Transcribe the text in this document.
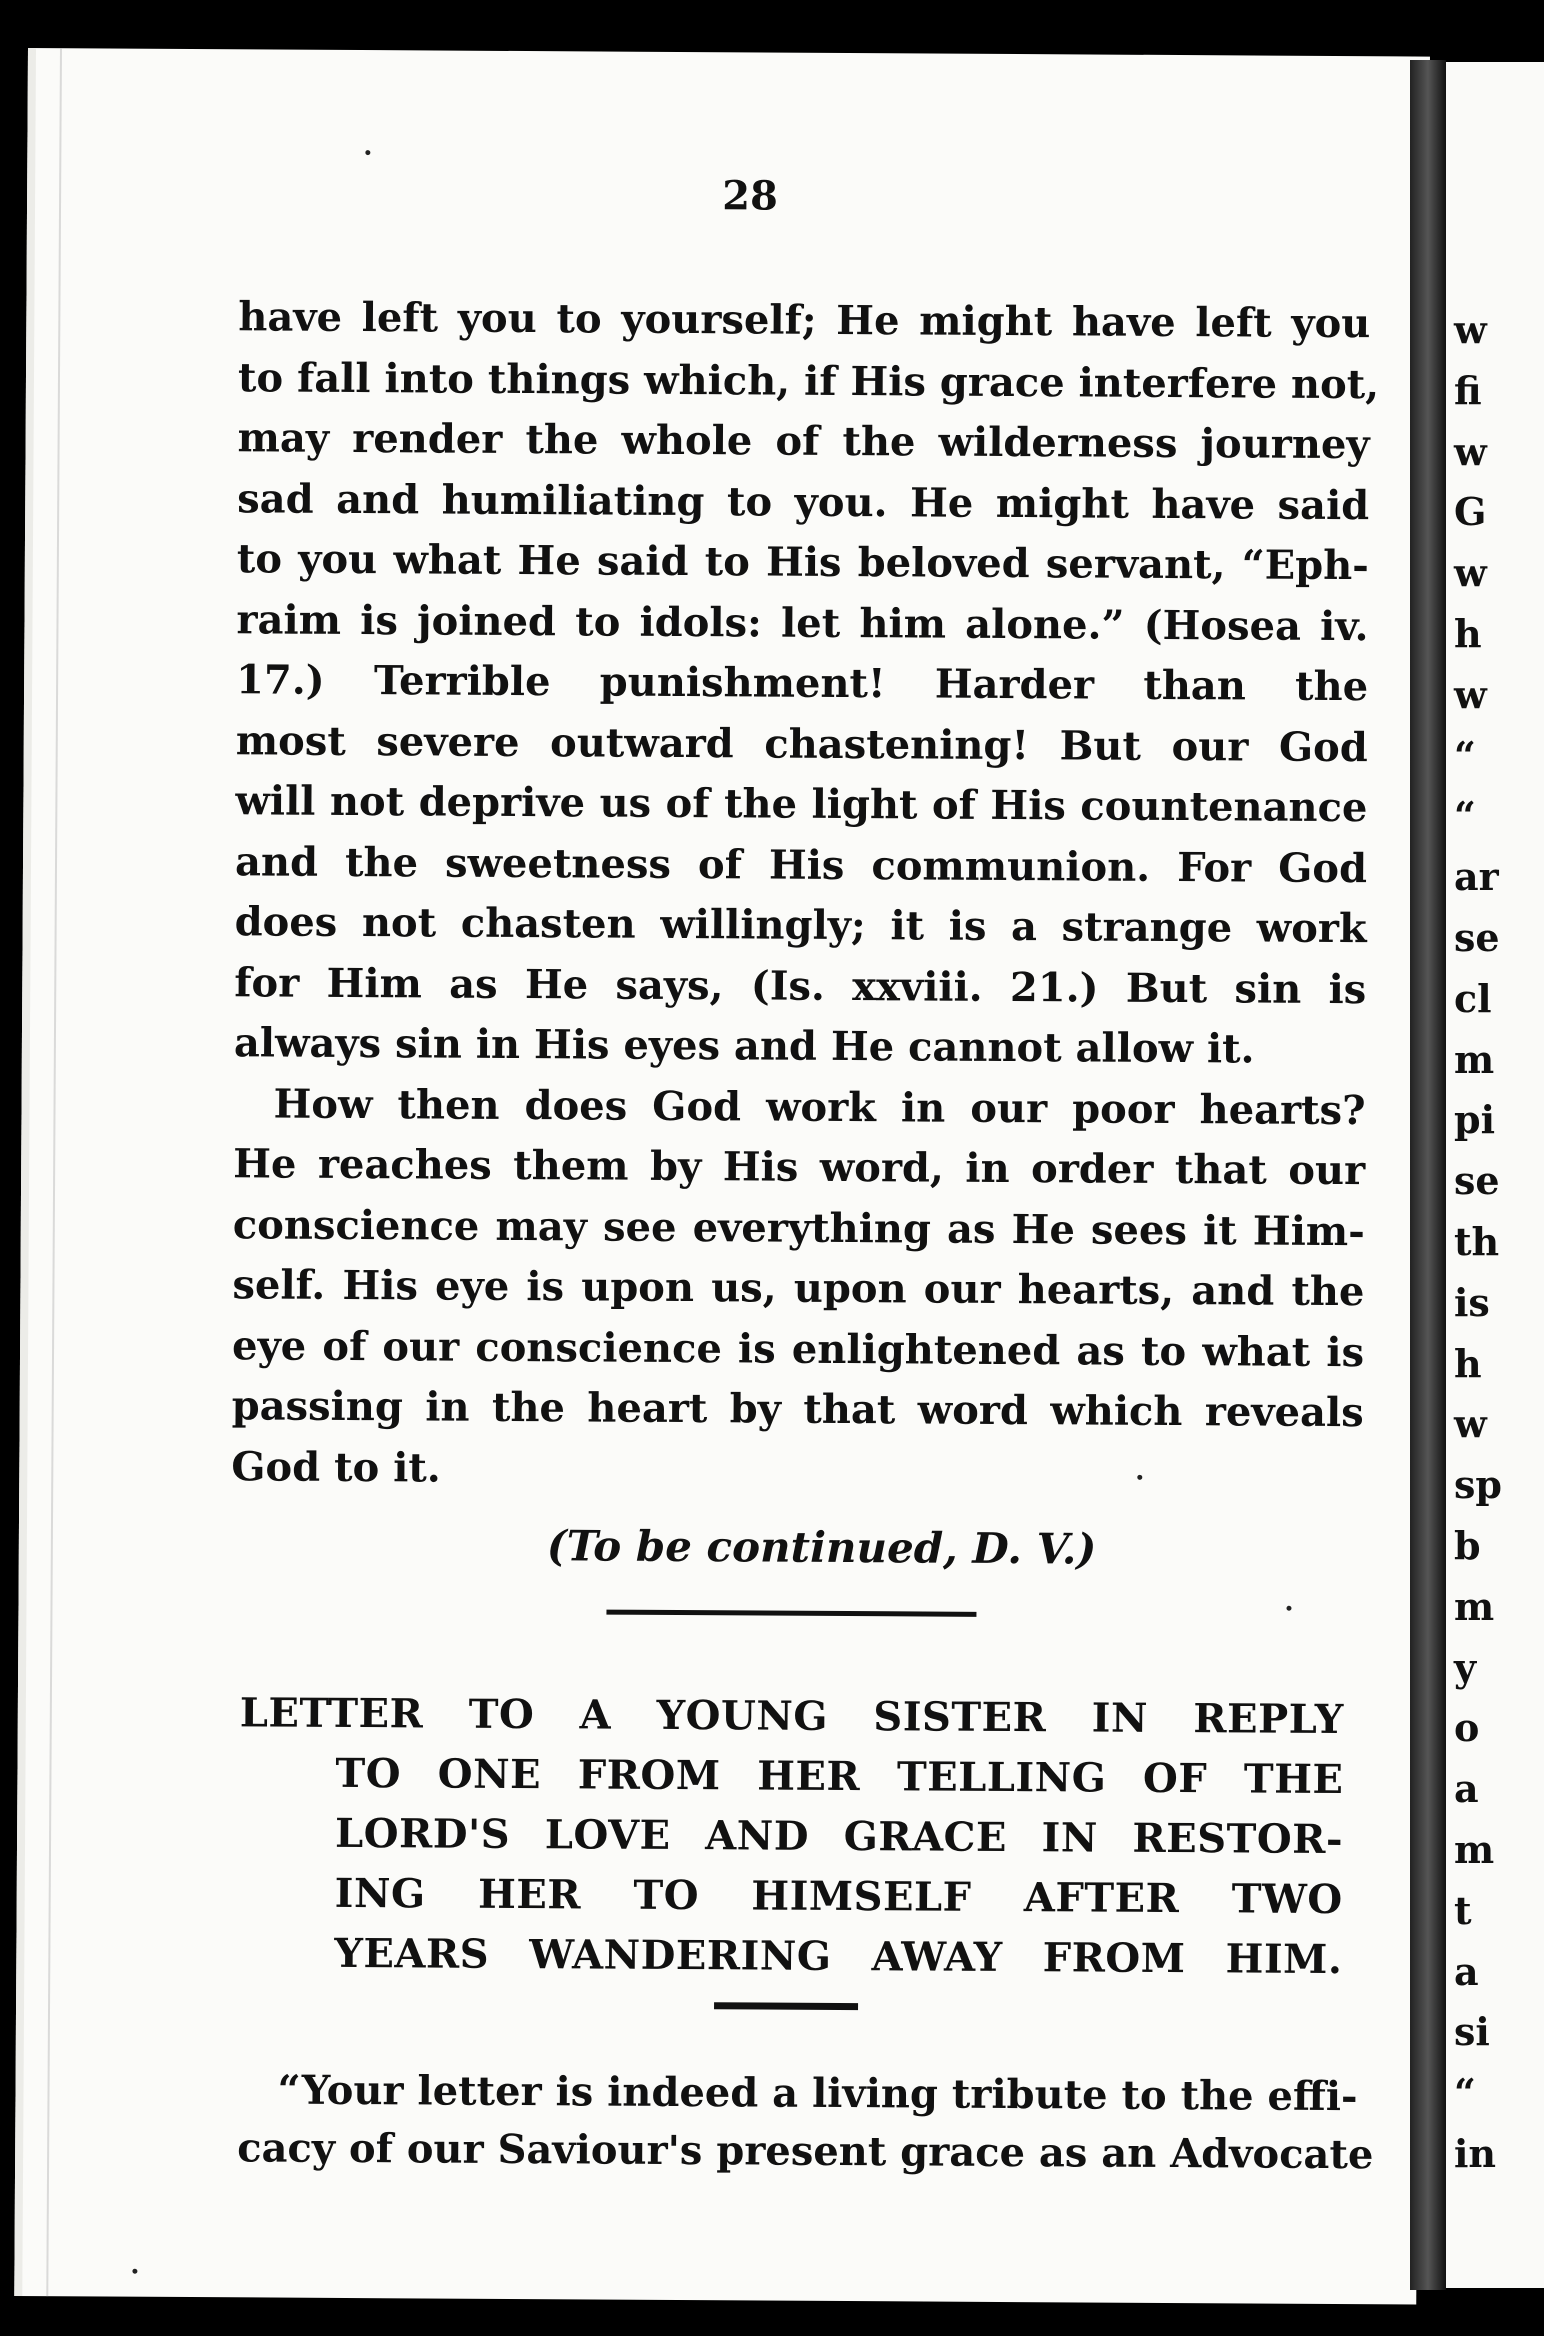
28
have left you to yourself; He might have left you
to fall into things which, if His grace interfere not,
may render the whole of the wilderness journey
sad and humiliating to you. He might have said
to you what He said to His beloved servant, “Eph-
raim is joined to idols: let him alone.” (Hosea iv.
17.) Terrible punishment! Harder than the
most severe outward chastening! But our God
will not deprive us of the light of His countenance
and the sweetness of His communion. For God
does not chasten willingly; it is a strange work
for Him as He says, (Is. xxviii. 21.) But sin is
always sin in His eyes and He cannot allow it.
How then does God work in our poor hearts?
He reaches them by His word, in order that our
conscience may see everything as He sees it Him-
self. His eye is upon us, upon our hearts, and the
eye of our conscience is enlightened as to what is
passing in the heart by that word which reveals
God to it.
(To be continued, D. V.)
LETTER TO A YOUNG SISTER IN REPLY
TO ONE FROM HER TELLING OF THE
LORD'S LOVE AND GRACE IN RESTOR-
ING HER TO HIMSELF AFTER TWO
YEARS WANDERING AWAY FROM HIM.
“Your letter is indeed a living tribute to the effi-
cacy of our Saviour's present grace as an Advocate
w
fi
w
G
w
h
w
“
“
ar
se
cl
m
pi
se
th
is
h
w
sp
b
m
y
o
a
m
t
a
si
“
in
